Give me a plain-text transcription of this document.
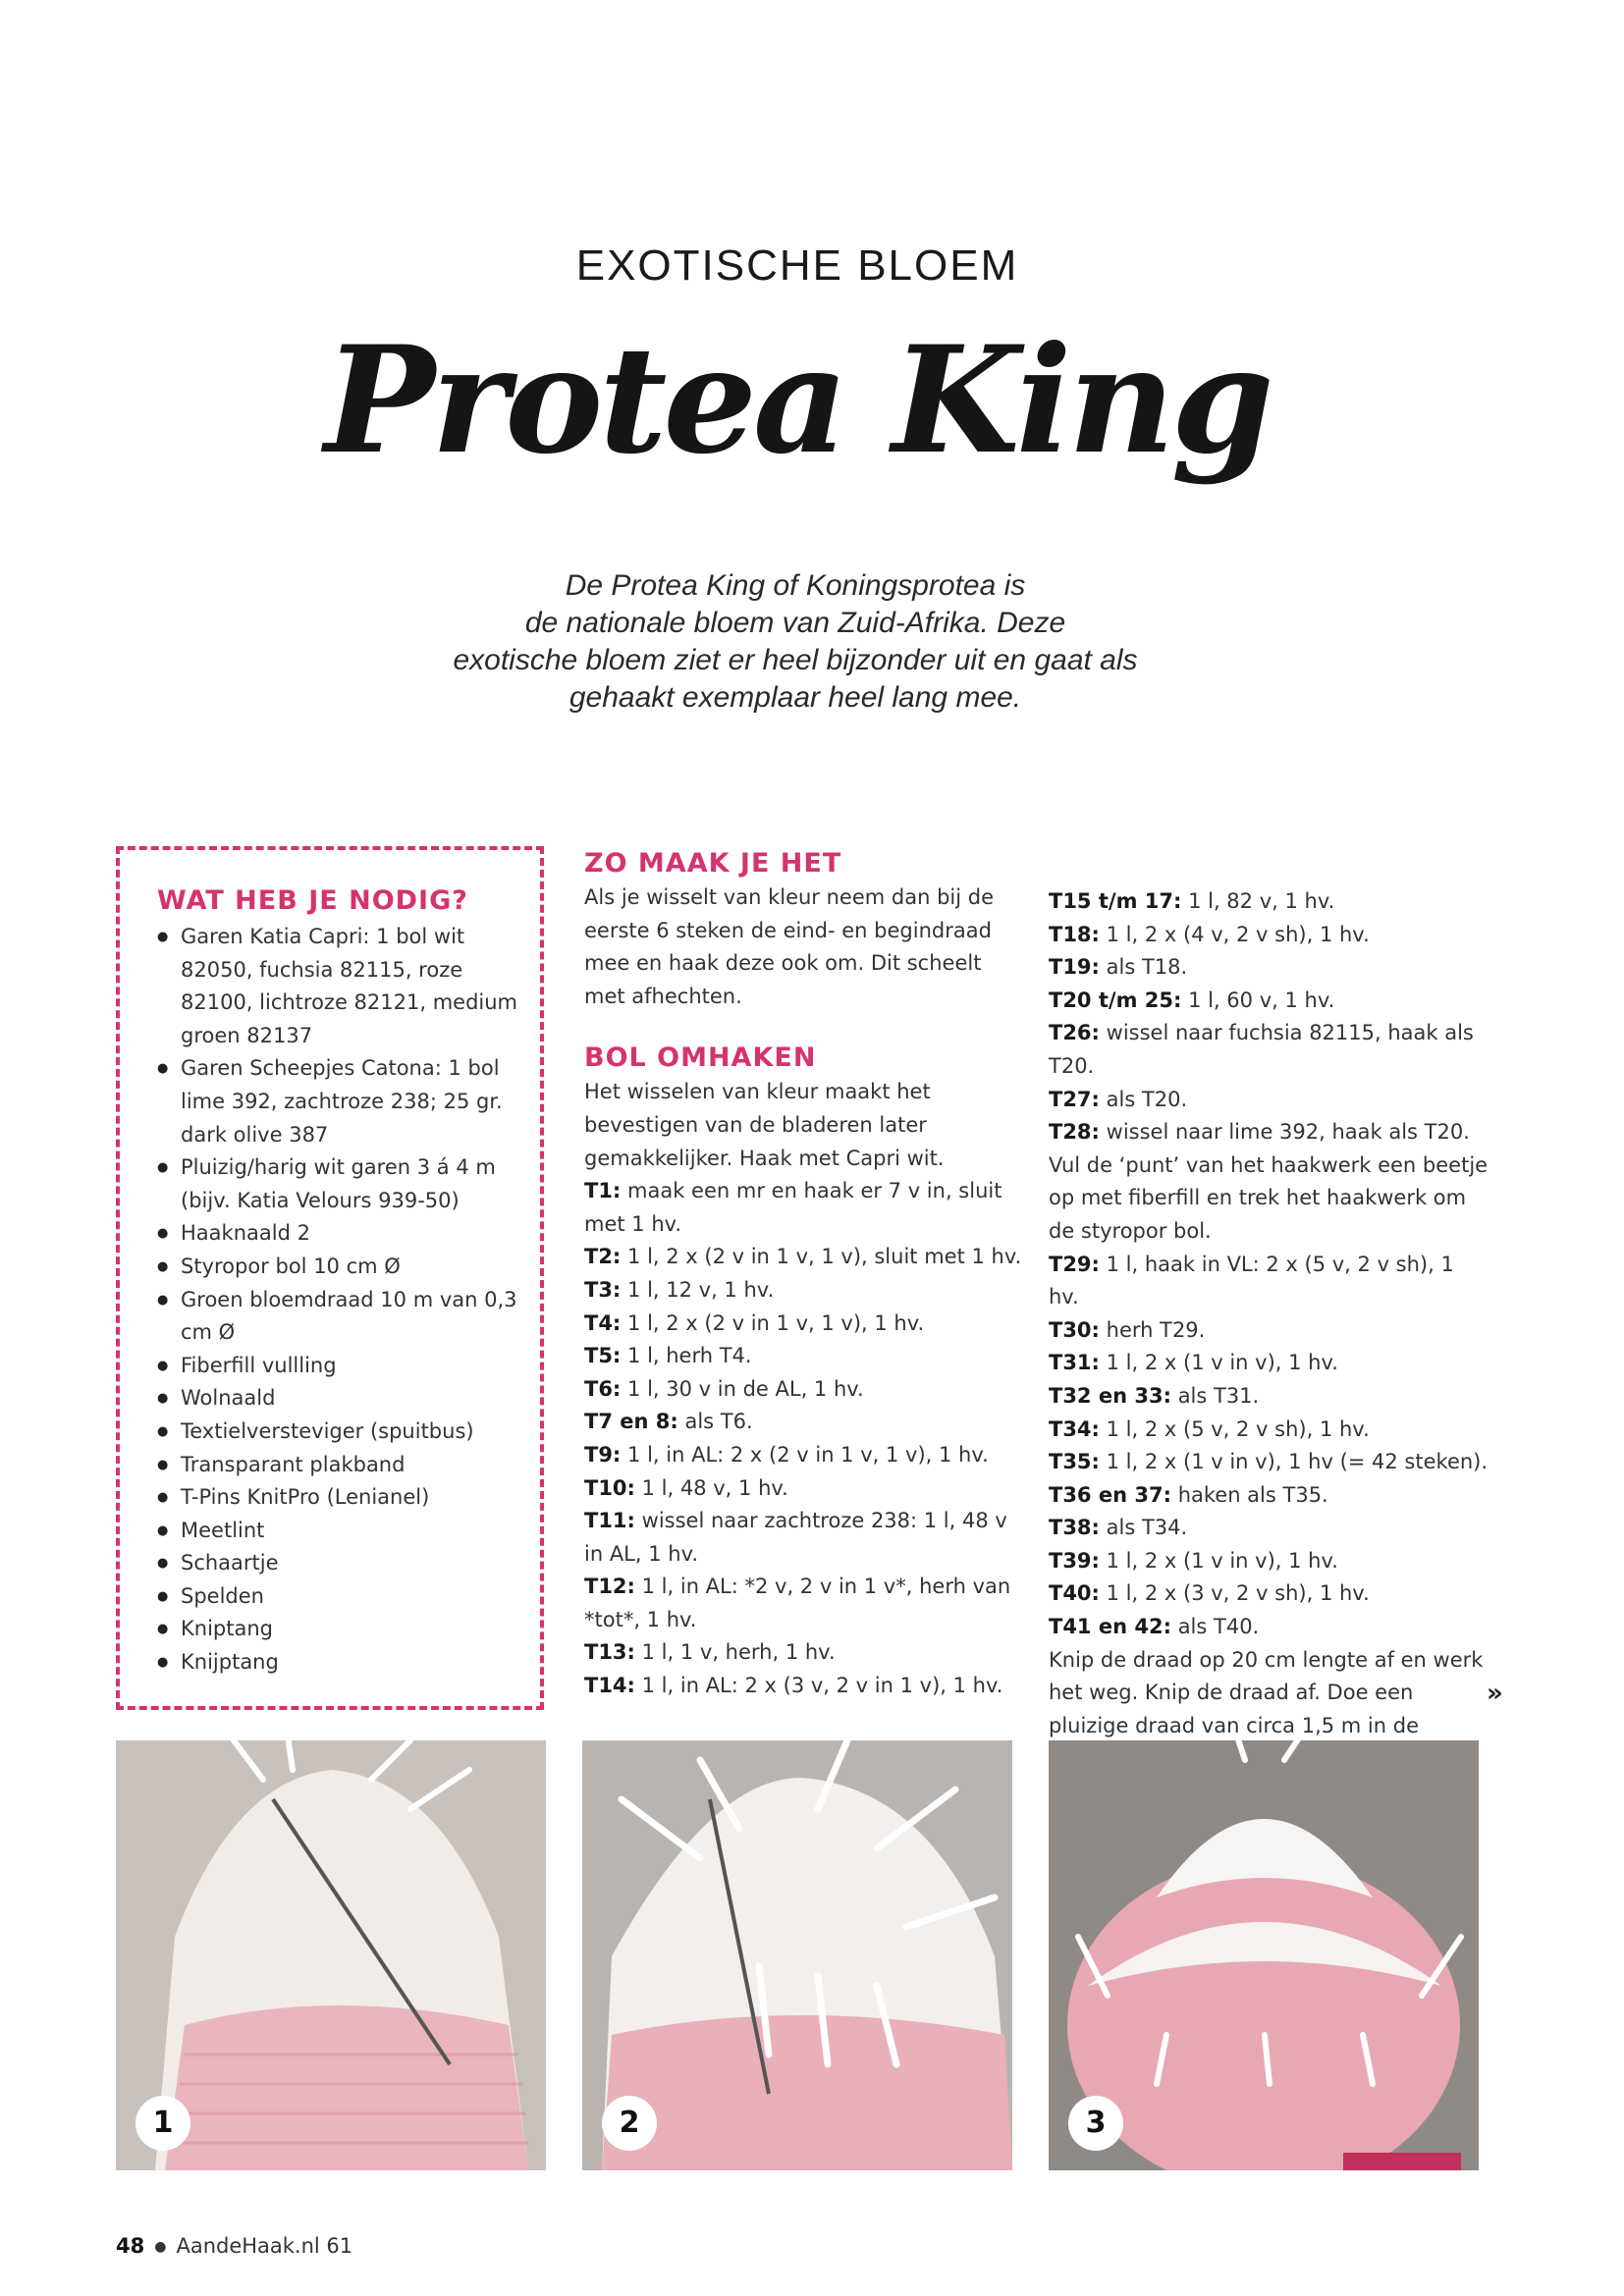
EXOTISCHE BLOEM
Protea King
De Protea King of Koningsprotea is
de nationale bloem van Zuid-Afrika. Deze
exotische bloem ziet er heel bijzonder uit en gaat als
gehaakt exemplaar heel lang mee.
WAT HEB JE NODIG?
● Garen Katia Capri: 1 bol wit 82050, fuchsia 82115, roze 82100, lichtroze 82121, medium groen 82137
● Garen Scheepjes Catona: 1 bol lime 392, zachtroze 238; 25 gr. dark olive 387
● Pluizig/harig wit garen 3 á 4 m (bijv. Katia Velours 939-50)
● Haaknaald 2
● Styropor bol 10 cm Ø
● Groen bloemdraad 10 m van 0,3 cm Ø
● Fiberfill vullling
● Wolnaald
● Textielversteviger (spuitbus)
● Transparant plakband
● T-Pins KnitPro (Lenianel)
● Meetlint
● Schaartje
● Spelden
● Kniptang
● Knijptang
ZO MAAK JE HET
Als je wisselt van kleur neem dan bij de eerste 6 steken de eind- en begindraad mee en haak deze ook om. Dit scheelt met afhechten.
BOL OMHAKEN
Het wisselen van kleur maakt het bevestigen van de bladeren later gemakkelijker. Haak met Capri wit.

T1: maak een mr en haak er 7 v in, sluit met 1 hv.

T2: 1 l, 2 x (2 v in 1 v, 1 v), sluit met 1 hv.

T3: 1 l, 12 v, 1 hv.

T4: 1 l, 2 x (2 v in 1 v, 1 v), 1 hv.

T5: 1 l, herh T4.

T6: 1 l, 30 v in de AL, 1 hv.

T7 en 8: als T6.

T9: 1 l, in AL: 2 x (2 v in 1 v, 1 v), 1 hv.

T10: 1 l, 48 v, 1 hv.

T11: wissel naar zachtroze 238: 1 l, 48 v in AL, 1 hv.

T12: 1 l, in AL: *2 v, 2 v in 1 v*, herh van *tot*, 1 hv.

T13: 1 l, 1 v, herh, 1 hv.

T14: 1 l, in AL: 2 x (3 v, 2 v in 1 v), 1 hv.

T15 t/m 17: 1 l, 82 v, 1 hv.

T18: 1 l, 2 x (4 v, 2 v sh), 1 hv.

T19: als T18.

T20 t/m 25: 1 l, 60 v, 1 hv.

T26: wissel naar fuchsia 82115, haak als T20.

T27: als T20.

T28: wissel naar lime 392, haak als T20.

Vul de ‘punt’ van het haakwerk een beetje op met fiberfill en trek het haakwerk om de styropor bol.

T29: 1 l, haak in VL: 2 x (5 v, 2 v sh), 1 hv.

T30: herh T29.

T31: 1 l, 2 x (1 v in v), 1 hv.

T32 en 33: als T31.

T34: 1 l, 2 x (5 v, 2 v sh), 1 hv.

T35: 1 l, 2 x (1 v in v), 1 hv (= 42 steken).

T36 en 37: haken als T35.

T38: als T34.

T39: 1 l, 2 x (1 v in v), 1 hv.

T40: 1 l, 2 x (3 v, 2 v sh), 1 hv.

T41 en 42: als T40.

Knip de draad op 20 cm lengte af en werk het weg. Knip de draad af. Doe een pluizige draad van circa 1,5 m in de
»
1	2	3
48 ● AandeHaak.nl 61
